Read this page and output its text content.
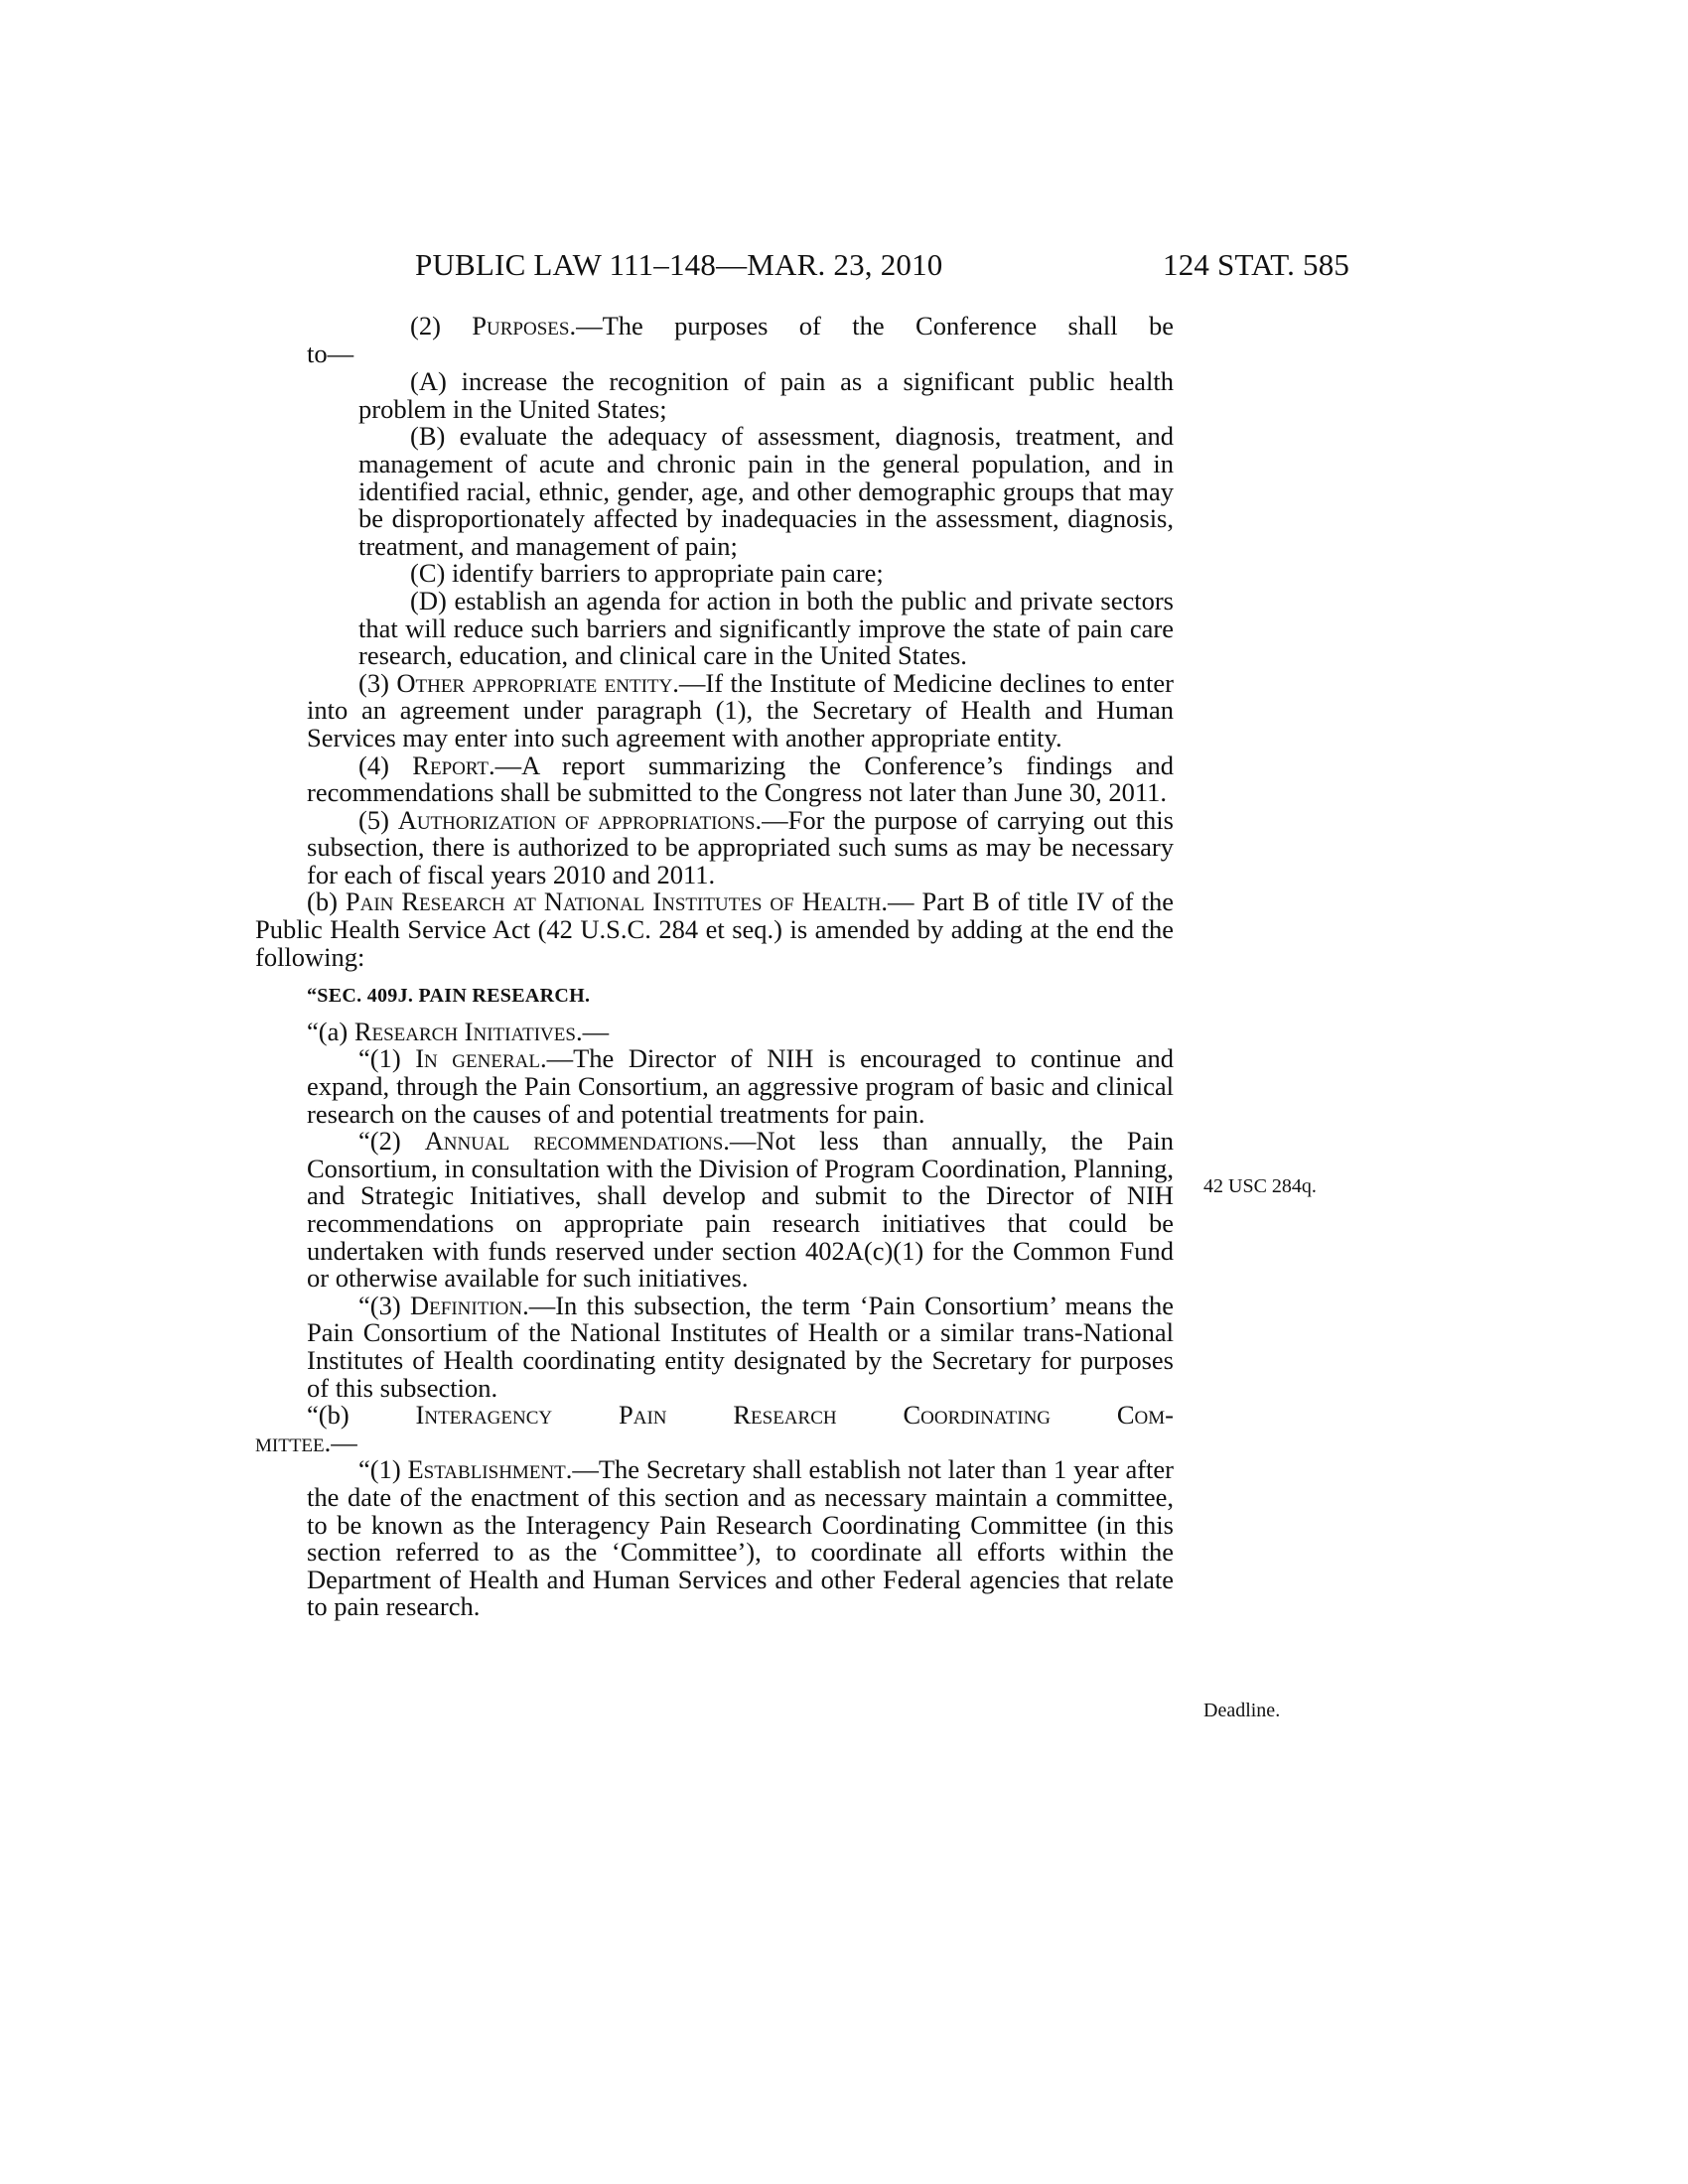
PUBLIC LAW 111–148—MAR. 23, 2010	124 STAT. 585
42 USC 284q.
Deadline.

(2) Purposes.—The purposes of the Conference shall be

to—

(A) increase the recognition of pain as a significant public health problem in the United States;

(B) evaluate the adequacy of assessment, diagnosis, treatment, and management of acute and chronic pain in the general population, and in identified racial, ethnic, gender, age, and other demographic groups that may be disproportionately affected by inadequacies in the assessment, diagnosis, treatment, and management of pain;

(C) identify barriers to appropriate pain care;

(D) establish an agenda for action in both the public and private sectors that will reduce such barriers and significantly improve the state of pain care research, education, and clinical care in the United States.

(3) Other appropriate entity.—If the Institute of Medicine declines to enter into an agreement under paragraph (1), the Secretary of Health and Human Services may enter into such agreement with another appropriate entity.

(4) Report.—A report summarizing the Conference’s findings and recommendations shall be submitted to the Congress not later than June 30, 2011.

(5) Authorization of appropriations.—For the purpose of carrying out this subsection, there is authorized to be appropriated such sums as may be necessary for each of fiscal years 2010 and 2011.

(b) Pain Research at National Institutes of Health.— Part B of title IV of the Public Health Service Act (42 U.S.C. 284 et seq.) is amended by adding at the end the following:

“SEC. 409J. PAIN RESEARCH.

“(a) Research Initiatives.—

“(1) In general.—The Director of NIH is encouraged to continue and expand, through the Pain Consortium, an aggressive program of basic and clinical research on the causes of and potential treatments for pain.

“(2) Annual recommendations.—Not less than annually, the Pain Consortium, in consultation with the Division of Program Coordination, Planning, and Strategic Initiatives, shall develop and submit to the Director of NIH recommendations on appropriate pain research initiatives that could be undertaken with funds reserved under section 402A(c)(1) for the Common Fund or otherwise available for such initiatives.

“(3) Definition.—In this subsection, the term ‘Pain Consortium’ means the Pain Consortium of the National Institutes of Health or a similar trans-National Institutes of Health coordinating entity designated by the Secretary for purposes of this subsection.

“(b) Interagency Pain Research Coordinating Com-

mittee.—

“(1) Establishment.—The Secretary shall establish not later than 1 year after the date of the enactment of this section and as necessary maintain a committee, to be known as the Interagency Pain Research Coordinating Committee (in this section referred to as the ‘Committee’), to coordinate all efforts within the Department of Health and Human Services and other Federal agencies that relate to pain research.
